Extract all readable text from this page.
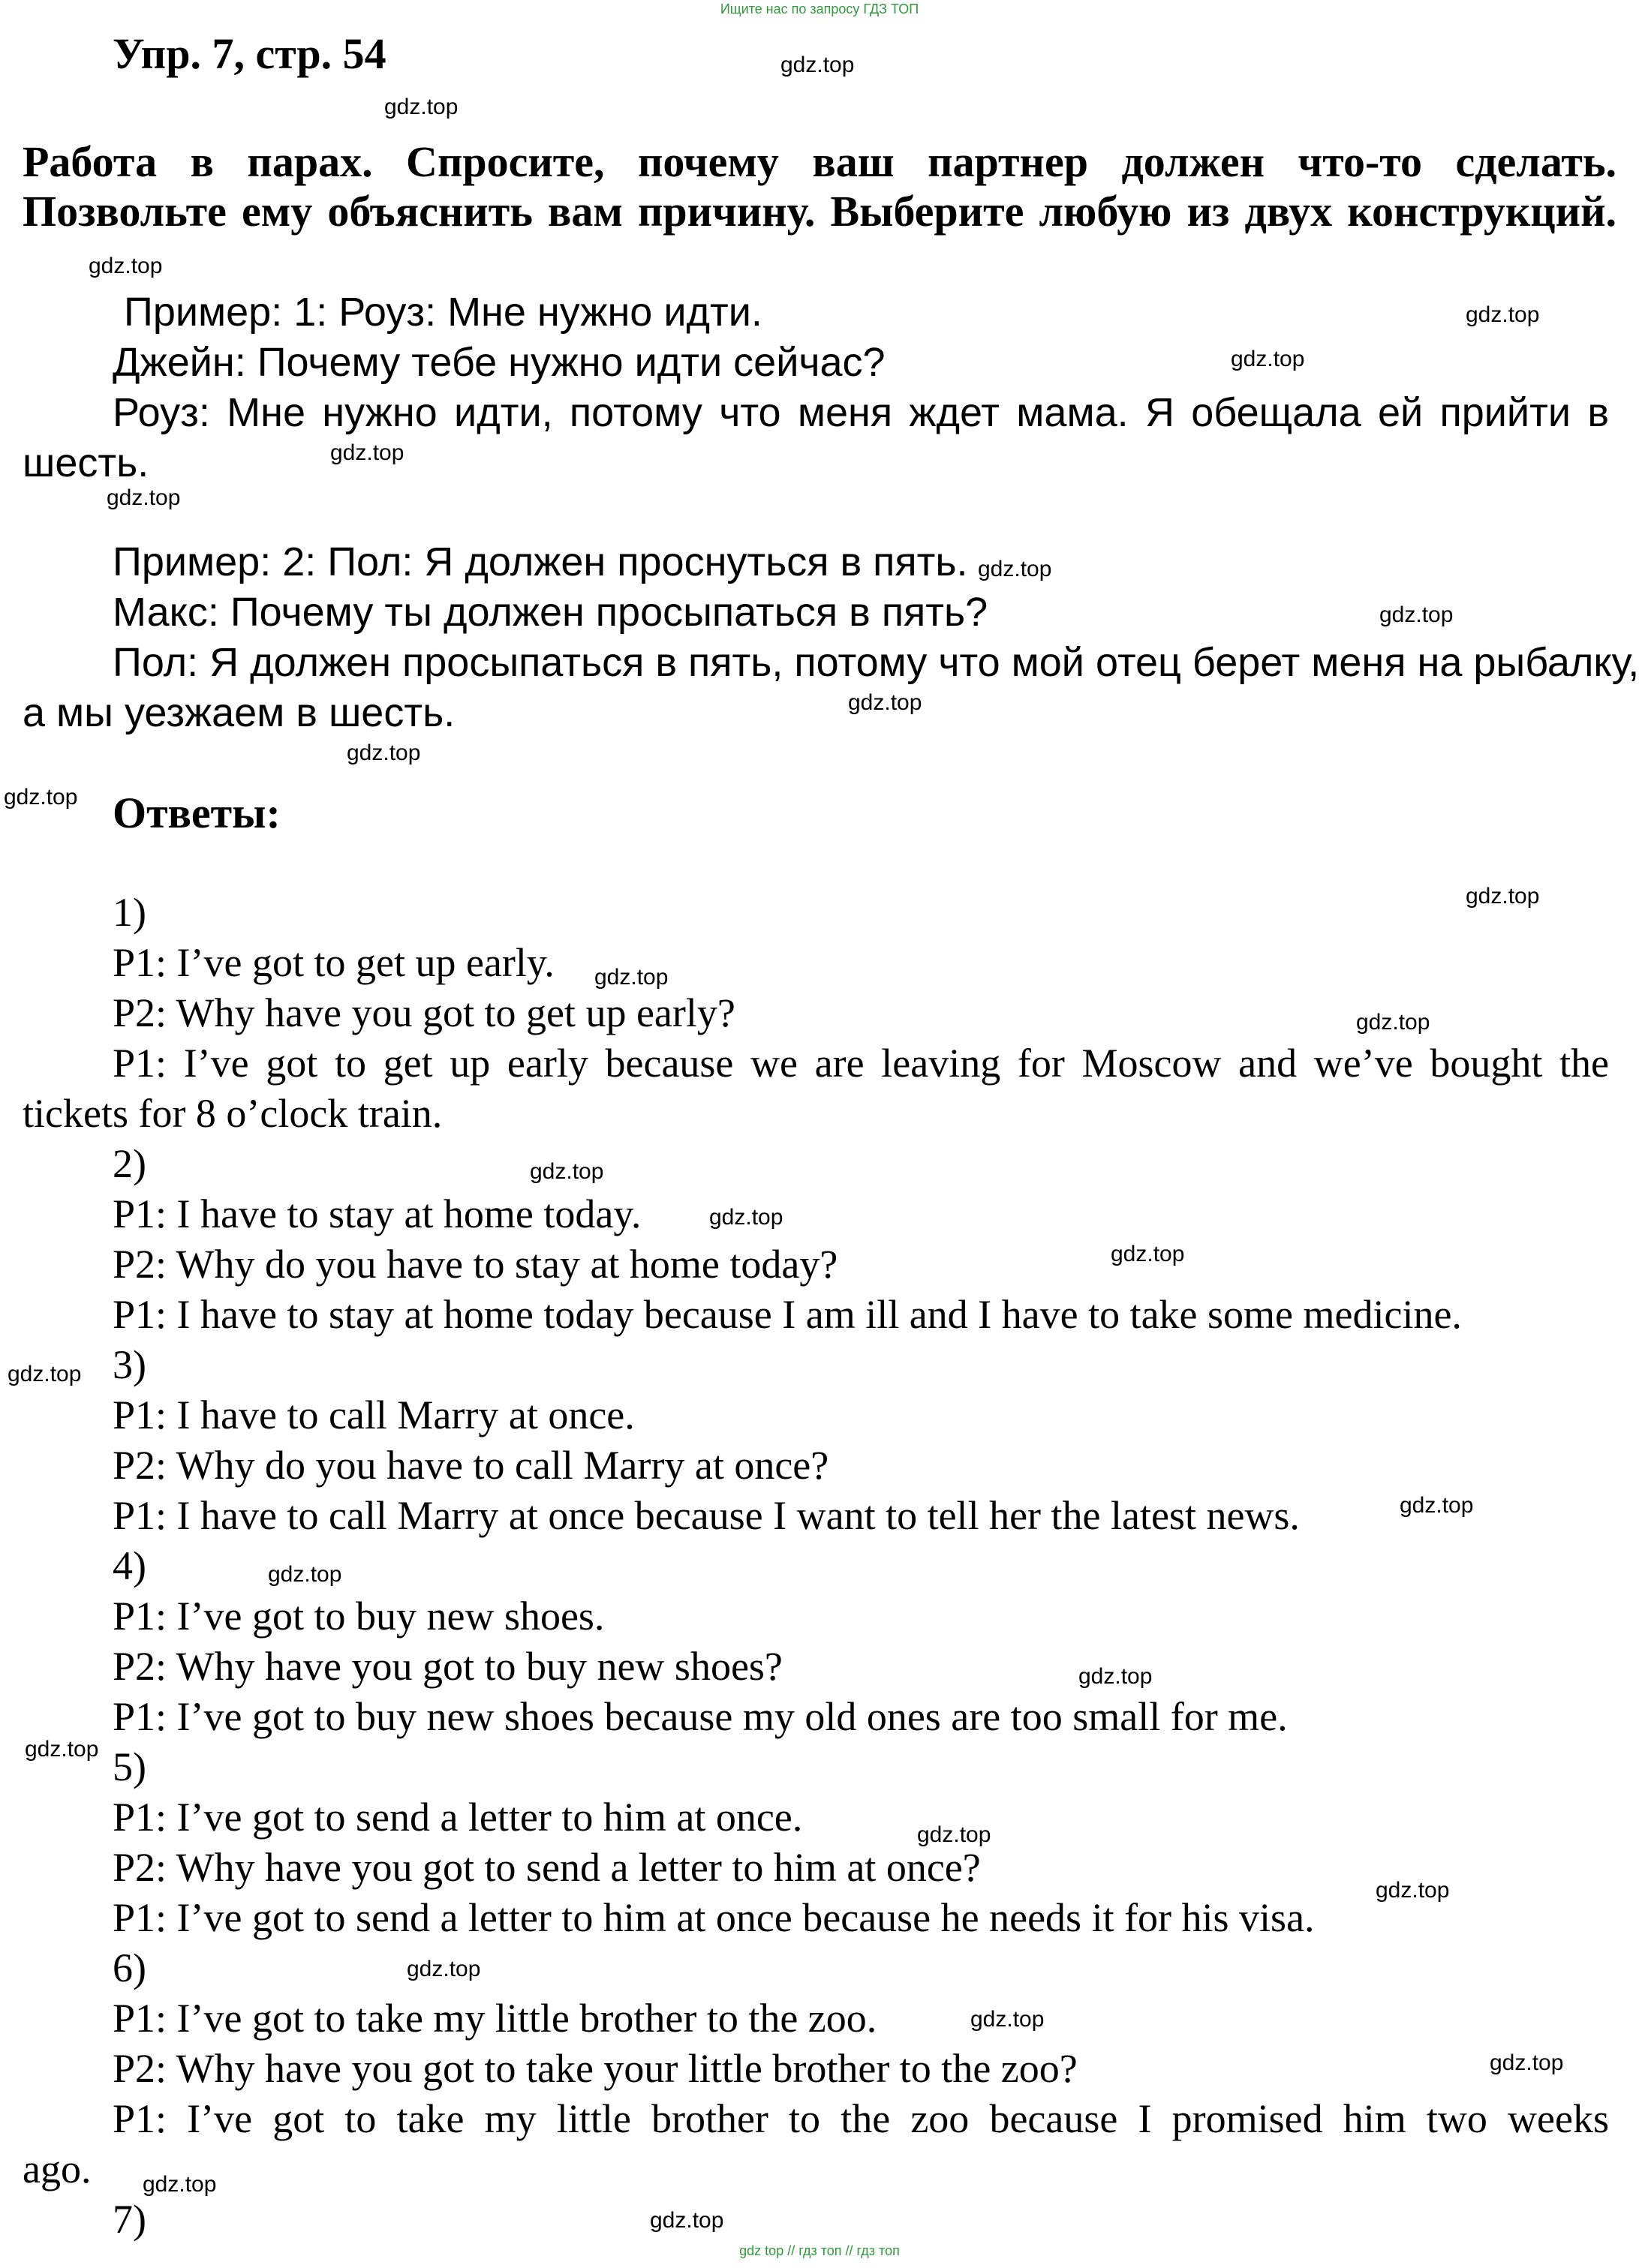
Ищите нас по запросу ГДЗ ТОП
Упр. 7, стр. 54
Работа в парах. Спросите, почему ваш партнер должен что-то сделать.
Позвольте ему объяснить вам причину. Выберите любую из двух конструкций.
Пример: 1: Роуз: Мне нужно идти.
Джейн: Почему тебе нужно идти сейчас?
Роуз: Мне нужно идти, потому что меня ждет мама. Я обещала ей прийти в
шесть.
Пример: 2: Пол: Я должен проснуться в пять.
Макс: Почему ты должен просыпаться в пять?
Пол: Я должен просыпаться в пять, потому что мой отец берет меня на рыбалку,
а мы уезжаем в шесть.
Ответы:
1)
P1: I’ve got to get up early.
P2: Why have you got to get up early?
P1: I’ve got to get up early because we are leaving for Moscow and we’ve bought the
tickets for 8 o’clock train.
2)
P1: I have to stay at home today.
P2: Why do you have to stay at home today?
P1: I have to stay at home today because I am ill and I have to take some medicine.
3)
P1: I have to call Marry at once.
P2: Why do you have to call Marry at once?
P1: I have to call Marry at once because I want to tell her the latest news.
4)
P1: I’ve got to buy new shoes.
P2: Why have you got to buy new shoes?
P1: I’ve got to buy new shoes because my old ones are too small for me.
5)
P1: I’ve got to send a letter to him at once.
P2: Why have you got to send a letter to him at once?
P1: I’ve got to send a letter to him at once because he needs it for his visa.
6)
P1: I’ve got to take my little brother to the zoo.
P2: Why have you got to take your little brother to the zoo?
P1: I’ve got to take my little brother to the zoo because I promised him two weeks
ago.
7)
gdz.top
gdz.top
gdz.top
gdz.top
gdz.top
gdz.top
gdz.top
gdz.top
gdz.top
gdz.top
gdz.top
gdz.top
gdz.top
gdz.top
gdz.top
gdz.top
gdz.top
gdz.top
gdz.top
gdz.top
gdz.top
gdz.top
gdz.top
gdz.top
gdz.top
gdz.top
gdz.top
gdz.top
gdz.top
gdz.top
gdz top // гдз топ // гдз топ
